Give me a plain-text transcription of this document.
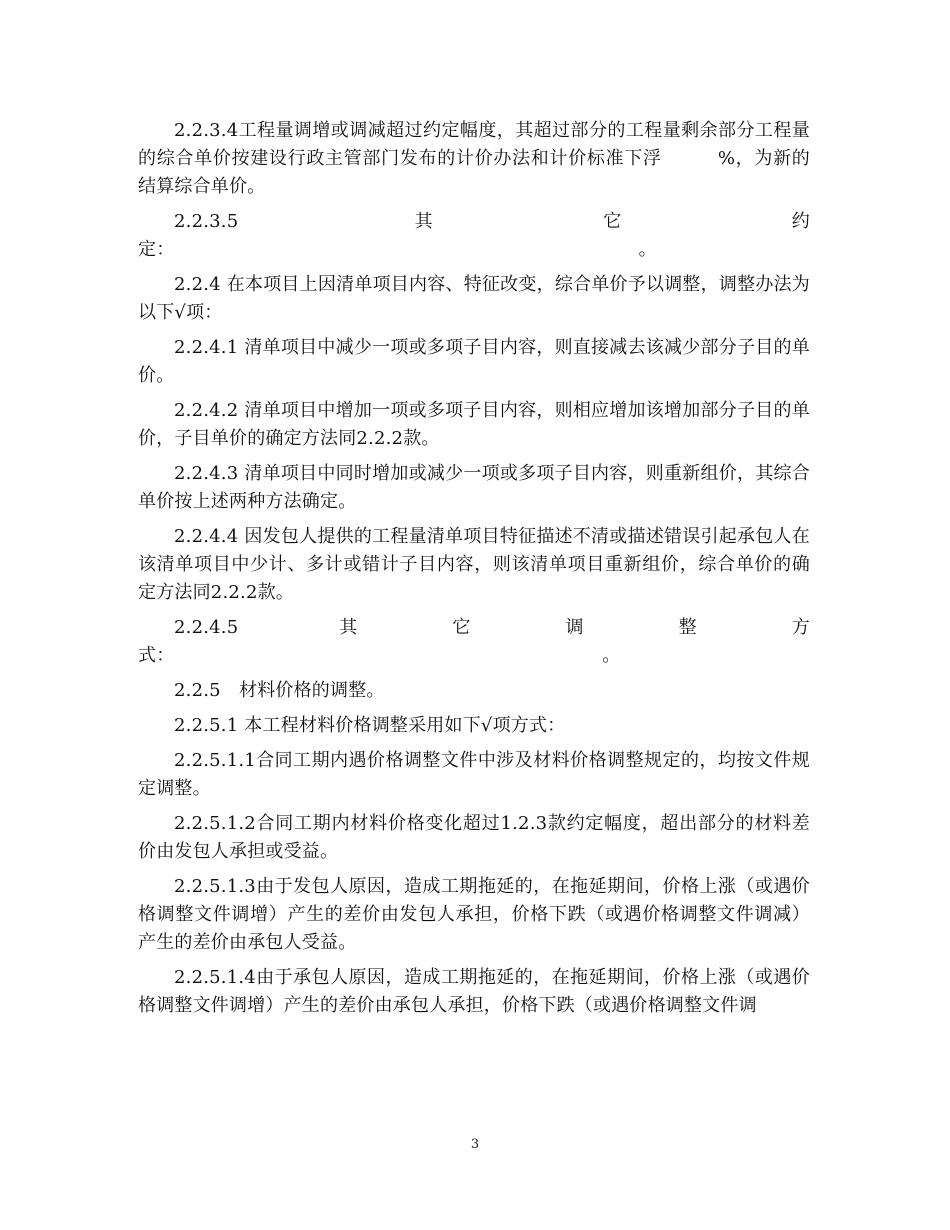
2.2.3.4工程量调增或调减超过约定幅度，其超过部分的工程量剩余部分工程量的综合单价按建设行政主管部门发布的计价办法和计价标准下浮　　　%，为新的结算综合单价。

2.2.3.5 其它约定：　　　　　　　　　　　　　　　　　　　　　　　　　　。

2.2.4 在本项目上因清单项目内容、特征改变，综合单价予以调整，调整办法为以下√项：

2.2.4.1 清单项目中减少一项或多项子目内容，则直接减去该减少部分子目的单价。

2.2.4.2 清单项目中增加一项或多项子目内容，则相应增加该增加部分子目的单价，子目单价的确定方法同2.2.2款。

2.2.4.3 清单项目中同时增加或减少一项或多项子目内容，则重新组价，其综合单价按上述两种方法确定。

2.2.4.4 因发包人提供的工程量清单项目特征描述不清或描述错误引起承包人在该清单项目中少计、多计或错计子目内容，则该清单项目重新组价，综合单价的确定方法同2.2.2款。

2.2.4.5 其它调整方式：　　　　　　　　　　　　　　　　　　　　　　　　。

2.2.5　材料价格的调整。

2.2.5.1 本工程材料价格调整采用如下√项方式：

2.2.5.1.1合同工期内遇价格调整文件中涉及材料价格调整规定的，均按文件规定调整。

2.2.5.1.2合同工期内材料价格变化超过1.2.3款约定幅度，超出部分的材料差价由发包人承担或受益。

2.2.5.1.3由于发包人原因，造成工期拖延的，在拖延期间，价格上涨（或遇价格调整文件调增）产生的差价由发包人承担，价格下跌（或遇价格调整文件调减）产生的差价由承包人受益。

2.2.5.1.4由于承包人原因，造成工期拖延的，在拖延期间，价格上涨（或遇价格调整文件调增）产生的差价由承包人承担，价格下跌（或遇价格调整文件调

3
